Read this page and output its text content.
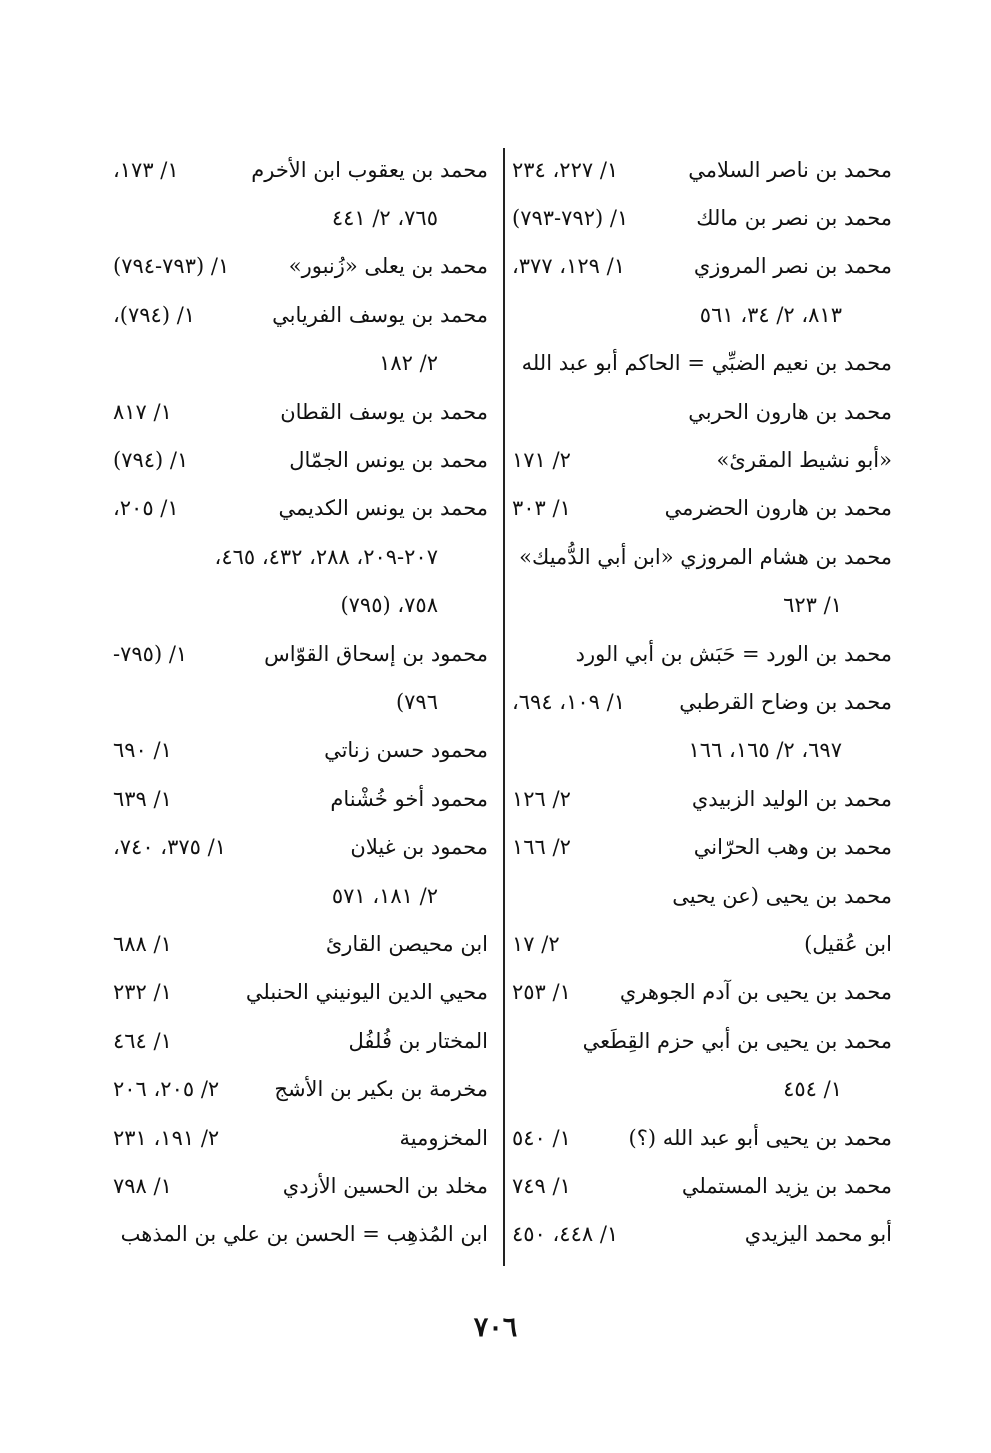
محمد بن ناصر السلامي
١/ ٢٢٧، ٢٣٤
محمد بن نصر بن مالك
١/ (٧٩٢-٧٩٣)
محمد بن نصر المروزي
١/ ١٢٩، ٣٧٧،
٨١٣، ٢/ ٣٤، ٥٦١
محمد بن نعيم الضبِّي = الحاكم أبو عبد الله
محمد بن هارون الحربي
«أبو نشيط المقرئ»
٢/ ١٧١
محمد بن هارون الحضرمي
١/ ٣٠٣
محمد بن هشام المروزي «ابن أبي الدُّميك»
١/ ٦٢٣
محمد بن الورد = حَبَش بن أبي الورد
محمد بن وضاح القرطبي
١/ ١٠٩، ٦٩٤،
٦٩٧، ٢/ ١٦٥، ١٦٦
محمد بن الوليد الزبيدي
٢/ ١٢٦
محمد بن وهب الحرّاني
٢/ ١٦٦
محمد بن يحيى (عن يحيى
ابن عُقيل)
٢/ ١٧
محمد بن يحيى بن آدم الجوهري
١/ ٢٥٣
محمد بن يحيى بن أبي حزم القِطَعي
١/ ٤٥٤
محمد بن يحيى أبو عبد الله (؟)
١/ ٥٤٠
محمد بن يزيد المستملي
١/ ٧٤٩
أبو محمد اليزيدي
١/ ٤٤٨، ٤٥٠
محمد بن يعقوب ابن الأخرم
١/ ١٧٣،
٧٦٥، ٢/ ٤٤١
محمد بن يعلى «زُنبور»
١/ (٧٩٣-٧٩٤)
محمد بن يوسف الفريابي
١/ (٧٩٤)،
٢/ ١٨٢
محمد بن يوسف القطان
١/ ٨١٧
محمد بن يونس الجمّال
١/ (٧٩٤)
محمد بن يونس الكديمي
١/ ٢٠٥،
٢٠٧-٢٠٩، ٢٨٨، ٤٣٢، ٤٦٥،
٧٥٨، (٧٩٥)
محمود بن إسحاق القوّاس
١/ (٧٩٥-
٧٩٦)
محمود حسن زناتي
١/ ٦٩٠
محمود أخو خُشْنام
١/ ٦٣٩
محمود بن غيلان
١/ ٣٧٥، ٧٤٠،
٢/ ١٨١، ٥٧١
ابن محيصن القارئ
١/ ٦٨٨
محيي الدين اليونيني الحنبلي
١/ ٢٣٢
المختار بن فُلفُل
١/ ٤٦٤
مخرمة بن بكير بن الأشج
٢/ ٢٠٥، ٢٠٦
المخزومية
٢/ ١٩١، ٢٣١
مخلد بن الحسين الأزدي
١/ ٧٩٨
ابن المُذهِب = الحسن بن علي بن المذهب
٧٠٦
